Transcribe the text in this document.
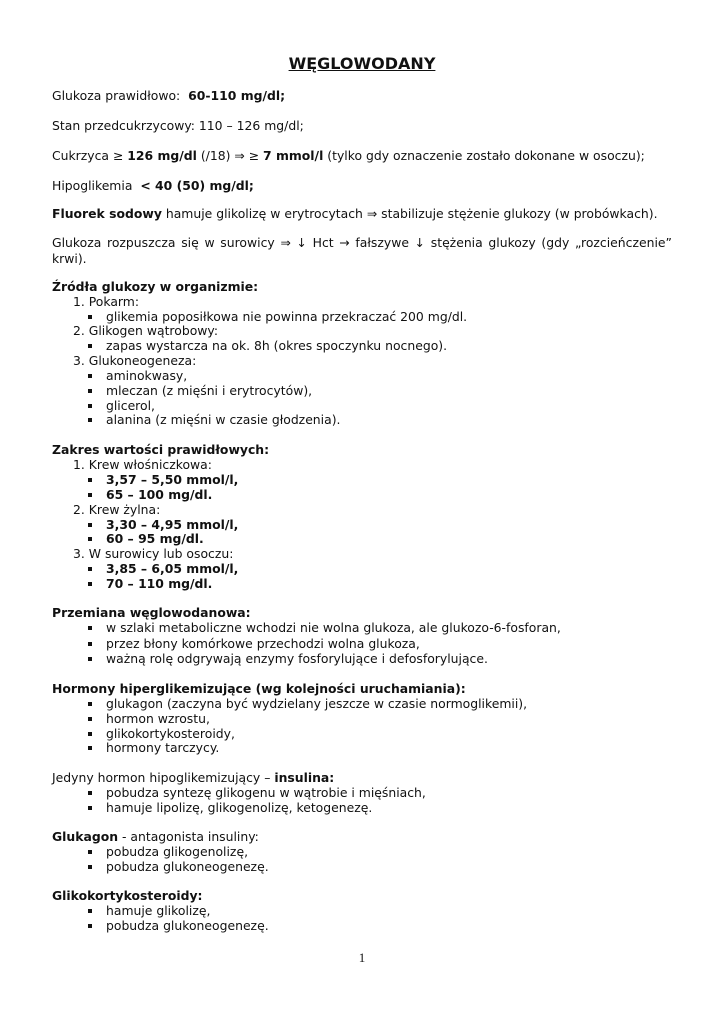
WĘGLOWODANY
Glukoza prawidłowo: 60-110 mg/dl;
Stan przedcukrzycowy: 110 – 126 mg/dl;
Cukrzyca ≥ 126 mg/dl (/18) ⇒ ≥ 7 mmol/l (tylko gdy oznaczenie zostało dokonane w osoczu);
Hipoglikemia  < 40 (50) mg/dl;
Fluorek sodowy hamuje glikolizę w erytrocytach ⇒ stabilizuje stężenie glukozy (w probówkach).
Glukoza rozpuszcza się w surowicy ⇒ ↓ Hct → fałszywe ↓ stężenia glukozy (gdy „rozcieńczenie”
krwi).
Źródła glukozy w organizmie:
1. Pokarm:
glikemia poposiłkowa nie powinna przekraczać 200 mg/dl.
2. Glikogen wątrobowy:
zapas wystarcza na ok. 8h (okres spoczynku nocnego).
3. Glukoneogeneza:
aminokwasy,
mleczan (z mięśni i erytrocytów),
glicerol,
alanina (z mięśni w czasie głodzenia).
Zakres wartości prawidłowych:
1. Krew włośniczkowa:
3,57 – 5,50 mmol/l,
65 – 100 mg/dl.
2. Krew żylna:
3,30 – 4,95 mmol/l,
60 – 95 mg/dl.
3. W surowicy lub osoczu:
3,85 – 6,05 mmol/l,
70 – 110 mg/dl.
Przemiana węglowodanowa:
w szlaki metaboliczne wchodzi nie wolna glukoza, ale glukozo-6-fosforan,
przez błony komórkowe przechodzi wolna glukoza,
ważną rolę odgrywają enzymy fosforylujące i defosforylujące.
Hormony hiperglikemizujące (wg kolejności uruchamiania):
glukagon (zaczyna być wydzielany jeszcze w czasie normoglikemii),
hormon wzrostu,
glikokortykosteroidy,
hormony tarczycy.
Jedyny hormon hipoglikemizujący – insulina:
pobudza syntezę glikogenu w wątrobie i mięśniach,
hamuje lipolizę, glikogenolizę, ketogenezę.
Glukagon - antagonista insuliny:
pobudza glikogenolizę,
pobudza glukoneogenezę.
Glikokortykosteroidy:
hamuje glikolizę,
pobudza glukoneogenezę.
1
